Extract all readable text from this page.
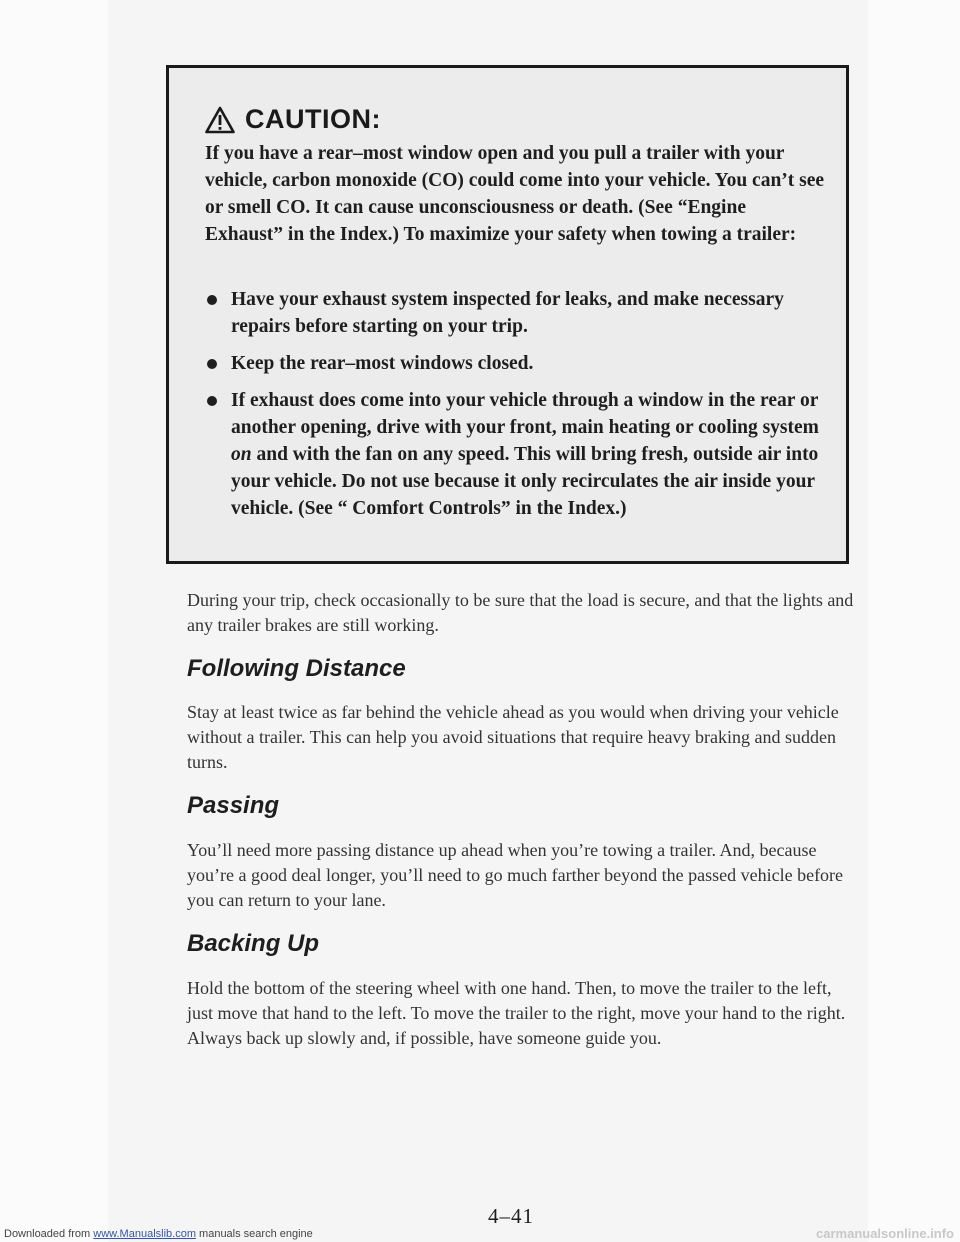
CAUTION:

If you have a rear–most window open and you pull a trailer with your vehicle, carbon monoxide (CO) could come into your vehicle. You can’t see or smell CO. It can cause unconsciousness or death. (See “Engine Exhaust” in the Index.) To maximize your safety when towing a trailer:

Have your exhaust system inspected for leaks, and make necessary repairs before starting on your trip.
Keep the rear–most windows closed.
If exhaust does come into your vehicle through a window in the rear or another opening, drive with your front, main heating or cooling system on and with the fan on any speed. This will bring fresh, outside air into your vehicle. Do not use because it only recirculates the air inside your vehicle. (See “ Comfort Controls” in the Index.)

During your trip, check occasionally to be sure that the load is secure, and that the lights and any trailer brakes are still working.

Following Distance

Stay at least twice as far behind the vehicle ahead as you would when driving your vehicle without a trailer. This can help you avoid situations that require heavy braking and sudden turns.

Passing

You’ll need more passing distance up ahead when you’re towing a trailer. And, because you’re a good deal longer, you’ll need to go much farther beyond the passed vehicle before you can return to your lane.

Backing Up

Hold the bottom of the steering wheel with one hand. Then, to move the trailer to the left, just move that hand to the left. To move the trailer to the right, move your hand to the right. Always back up slowly and, if possible, have someone guide you.

4–41
Downloaded from www.Manualslib.com manuals search engine	carmanualsonline.info
